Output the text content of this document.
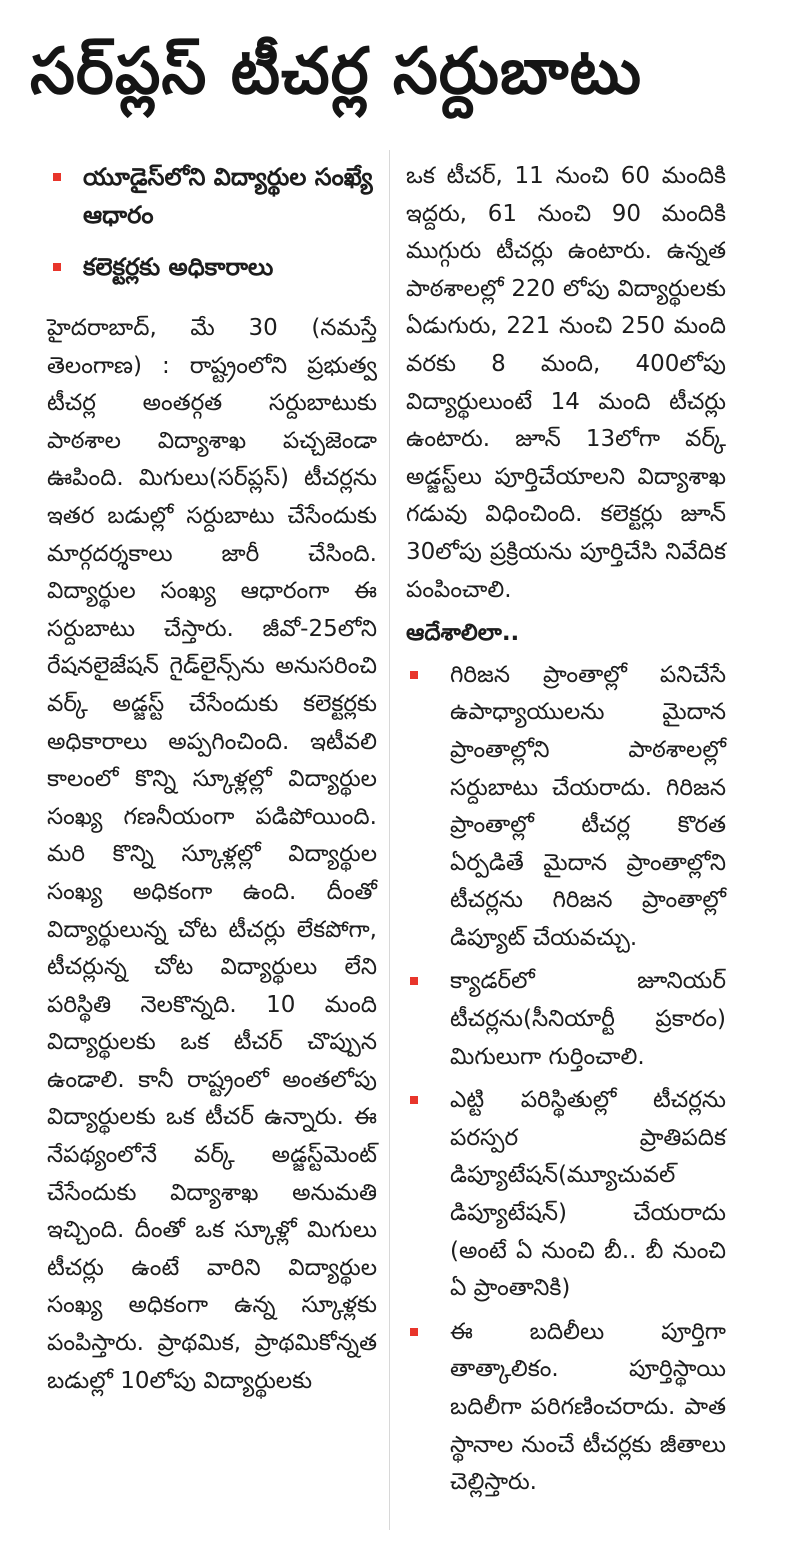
సర్‌ప్లస్ టీచర్ల సర్దుబాటు
యూడైస్‌లోని విద్యార్థుల సంఖ్యే ఆధారం
కలెక్టర్లకు అధికారాలు

హైదరాబాద్, మే 30 (నమస్తే తెలంగాణ) : రాష్ట్రంలోని ప్రభుత్వ టీచర్ల అంతర్గత సర్దుబాటుకు పాఠశాల విద్యాశాఖ పచ్చజెండా ఊపింది. మిగులు(సర్‌ప్లస్) టీచర్లను ఇతర బడుల్లో సర్దుబాటు చేసేందుకు మార్గదర్శకాలు జారీ చేసింది. విద్యార్థుల సంఖ్య ఆధారంగా ఈ సర్దుబాటు చేస్తారు. జీవో-25లోని రేషనలైజేషన్ గైడ్‌లైన్స్‌ను అనుసరించి వర్క్ అడ్జస్ట్ చేసేందుకు కలెక్టర్లకు అధికారాలు అప్పగించింది. ఇటీవలి కాలంలో కొన్ని స్కూళ్లల్లో విద్యార్థుల సంఖ్య గణనీయంగా పడిపోయింది. మరి కొన్ని స్కూళ్లల్లో విద్యార్థుల సంఖ్య అధికంగా ఉంది. దీంతో విద్యార్థులున్న చోట టీచర్లు లేకపోగా, టీచర్లున్న చోట విద్యార్థులు లేని పరిస్థితి నెలకొన్నది. 10 మంది విద్యార్థులకు ఒక టీచర్ చొప్పున ఉండాలి. కానీ రాష్ట్రంలో అంతలోపు విద్యార్థులకు ఒక టీచర్ ఉన్నారు. ఈ నేపథ్యంలోనే వర్క్ అడ్జస్ట్‌మెంట్ చేసేందుకు విద్యాశాఖ అనుమతి ఇచ్చింది. దీంతో ఒక స్కూళ్లో మిగులు టీచర్లు ఉంటే వారిని విద్యార్థుల సంఖ్య అధికంగా ఉన్న స్కూళ్లకు పంపిస్తారు. ప్రాథమిక, ప్రాథమికోన్నత బడుల్లో 10లోపు విద్యార్థులకు

ఒక టీచర్, 11 నుంచి 60 మందికి ఇద్దరు, 61 నుంచి 90 మందికి ముగ్గురు టీచర్లు ఉంటారు. ఉన్నత పాఠశాలల్లో 220 లోపు విద్యార్థులకు ఏడుగురు, 221 నుంచి 250 మంది వరకు 8 మంది, 400లోపు విద్యార్థులుంటే 14 మంది టీచర్లు ఉంటారు. జూన్ 13లోగా వర్క్ అడ్జస్ట్‌లు పూర్తిచేయాలని విద్యాశాఖ గడువు విధించింది. కలెక్టర్లు జూన్ 30లోపు ప్రక్రియను పూర్తిచేసి నివేదిక పంపించాలి.

ఆదేశాలిలా..
గిరిజన ప్రాంతాల్లో పనిచేసే ఉపాధ్యాయులను మైదాన ప్రాంతాల్లోని పాఠశాలల్లో సర్దుబాటు చేయరాదు. గిరిజన ప్రాంతాల్లో టీచర్ల కొరత ఏర్పడితే మైదాన ప్రాంతాల్లోని టీచర్లను గిరిజన ప్రాంతాల్లో డిప్యూట్ చేయవచ్చు.
క్యాడర్‌లో జూనియర్ టీచర్లను(సీనియార్టీ ప్రకారం) మిగులుగా గుర్తించాలి.
ఎట్టి పరిస్థితుల్లో టీచర్లను పరస్పర ప్రాతిపదిక డిప్యూటేషన్(మ్యూచువల్ డిప్యూటేషన్) చేయరాదు (అంటే ఏ నుంచి బీ.. బీ నుంచి ఏ ప్రాంతానికి)
ఈ బదిలీలు పూర్తిగా తాత్కాలికం. పూర్తిస్థాయి బదిలీగా పరిగణించరాదు. పాత స్థానాల నుంచే టీచర్లకు జీతాలు చెల్లిస్తారు.
